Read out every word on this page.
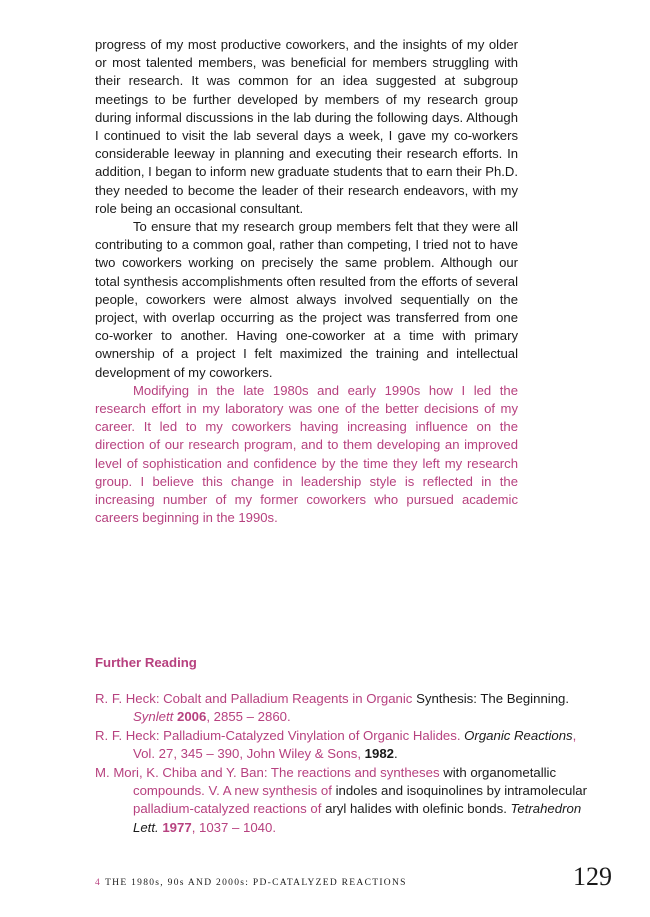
progress of my most productive coworkers, and the insights of my older or most talented members, was beneficial for members struggling with their research. It was common for an idea suggested at subgroup meetings to be further developed by members of my research group during informal discussions in the lab during the following days. Although I continued to visit the lab several days a week, I gave my co-workers considerable leeway in planning and executing their research efforts. In addition, I began to inform new graduate students that to earn their Ph.D. they needed to become the leader of their research endeavors, with my role being an occasional consultant.

To ensure that my research group members felt that they were all contributing to a common goal, rather than competing, I tried not to have two coworkers working on precisely the same problem. Although our total synthesis accomplishments often resulted from the efforts of several people, coworkers were almost always involved sequentially on the project, with overlap occurring as the project was transferred from one co-worker to another. Having one-coworker at a time with primary ownership of a project I felt maximized the training and intellectual development of my coworkers.

Modifying in the late 1980s and early 1990s how I led the research effort in my laboratory was one of the better decisions of my career. It led to my coworkers having increasing influence on the direction of our research program, and to them developing an improved level of sophistication and confidence by the time they left my research group. I believe this change in leadership style is reflected in the increasing number of my former coworkers who pursued academic careers beginning in the 1990s.

Further Reading
R. F. Heck: Cobalt and Palladium Reagents in Organic Synthesis: The Beginning. Synlett 2006, 2855 – 2860.
R. F. Heck: Palladium-Catalyzed Vinylation of Organic Halides. Organic Reactions, Vol. 27, 345 – 390, John Wiley & Sons, 1982.
M. Mori, K. Chiba and Y. Ban: The reactions and syntheses with organometallic compounds. V. A new synthesis of indoles and isoquinolines by intramolecular palladium-catalyzed reactions of aryl halides with olefinic bonds. Tetrahedron Lett. 1977, 1037 – 1040.
4 THE 1980s, 90s AND 2000s: PD-CATALYZED REACTIONS	129
